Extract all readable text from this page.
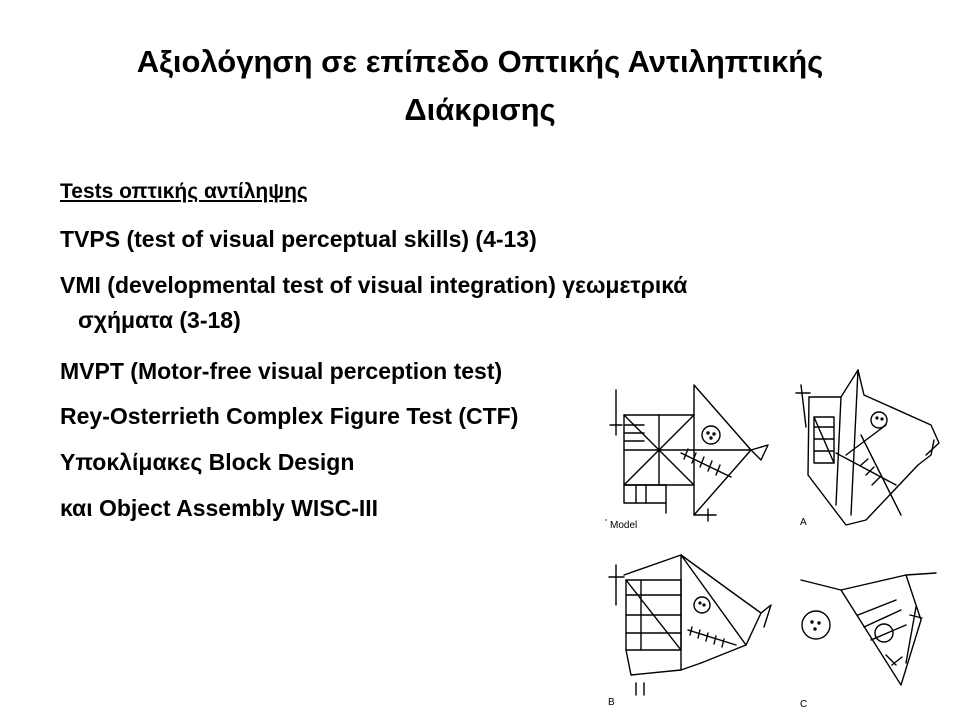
Αξιολόγηση σε επίπεδο Οπτικής Αντιληπτικής
Διάκρισης

Tests οπτικής αντίληψης

TVPS (test of visual perceptual skills) (4-13)

VMI (developmental test of visual integration) γεωμετρικά

σχήματα (3-18)

MVPT (Motor-free visual perception test)

Rey-Osterrieth Complex Figure Test (CTF)

Υποκλίμακες Block Design

και Object Assembly WISC-III

Model	A
B	C
